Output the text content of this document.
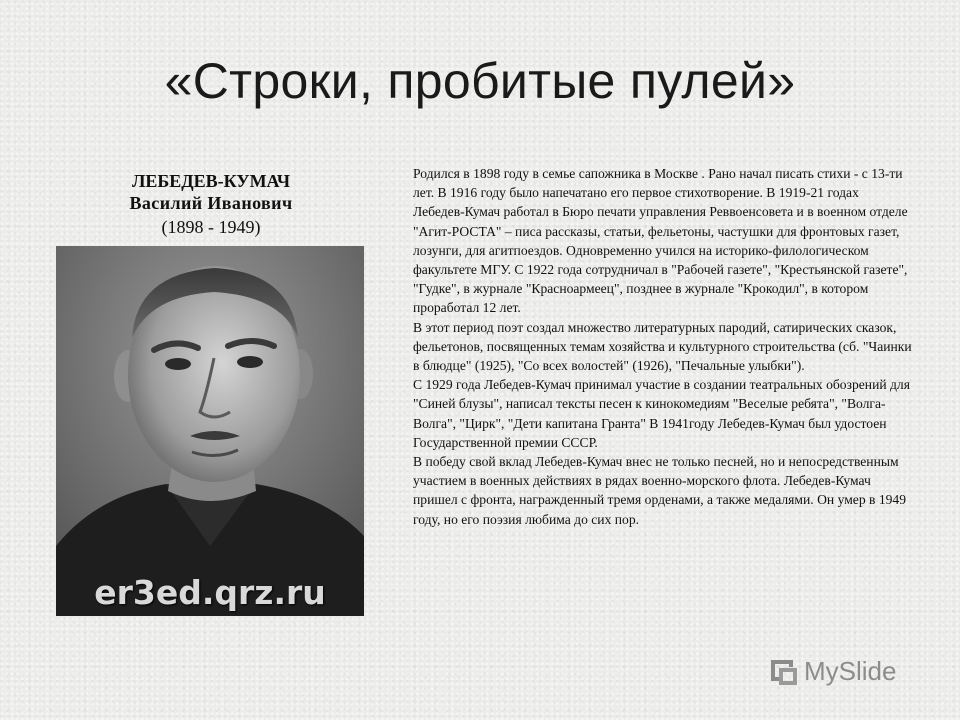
«Строки, пробитые пулей»
ЛЕБЕДЕВ-КУМАЧ
Василий Иванович
(1898 - 1949)
er3ed.qrz.ru

Родился в 1898 году в семье сапожника в Москве . Рано начал писать стихи - с 13-ти лет. В 1916 году было напечатано его первое стихотворение. В 1919-21 годах Лебедев-Кумач работал в Бюро печати управления Реввоенсовета и в военном отделе "Агит-РОСТА" – писа рассказы, статьи, фельетоны, частушки для фронтовых газет, лозунги, для агитпоездов. Одновременно учился на историко-филологическом факультете МГУ. С 1922 года сотрудничал в "Рабочей газете", "Крестьянской газете", "Гудке", в журнале "Красноармеец", позднее в журнале "Крокодил", в котором проработал 12 лет.

В этот период поэт создал множество литературных пародий, сатирических сказок, фельетонов, посвященных темам хозяйства и культурного строительства (сб. "Чаинки в блюдце" (1925), "Со всех волостей" (1926), "Печальные улыбки").

С 1929 года Лебедев-Кумач принимал участие в создании театральных обозрений для "Синей блузы", написал тексты песен к кинокомедиям "Веселые ребята", "Волга-Волга", "Цирк", "Дети капитана Гранта" В 1941году Лебедев-Кумач был удостоен Государственной премии СССР.

В победу свой вклад Лебедев-Кумач внес не только песней, но и непосредственным участием в военных действиях в рядах военно-морского флота. Лебедев-Кумач пришел с фронта, награжденный тремя орденами, а также медалями. Он умер в 1949 году, но его поэзия любима до сих пор.

MySlide
